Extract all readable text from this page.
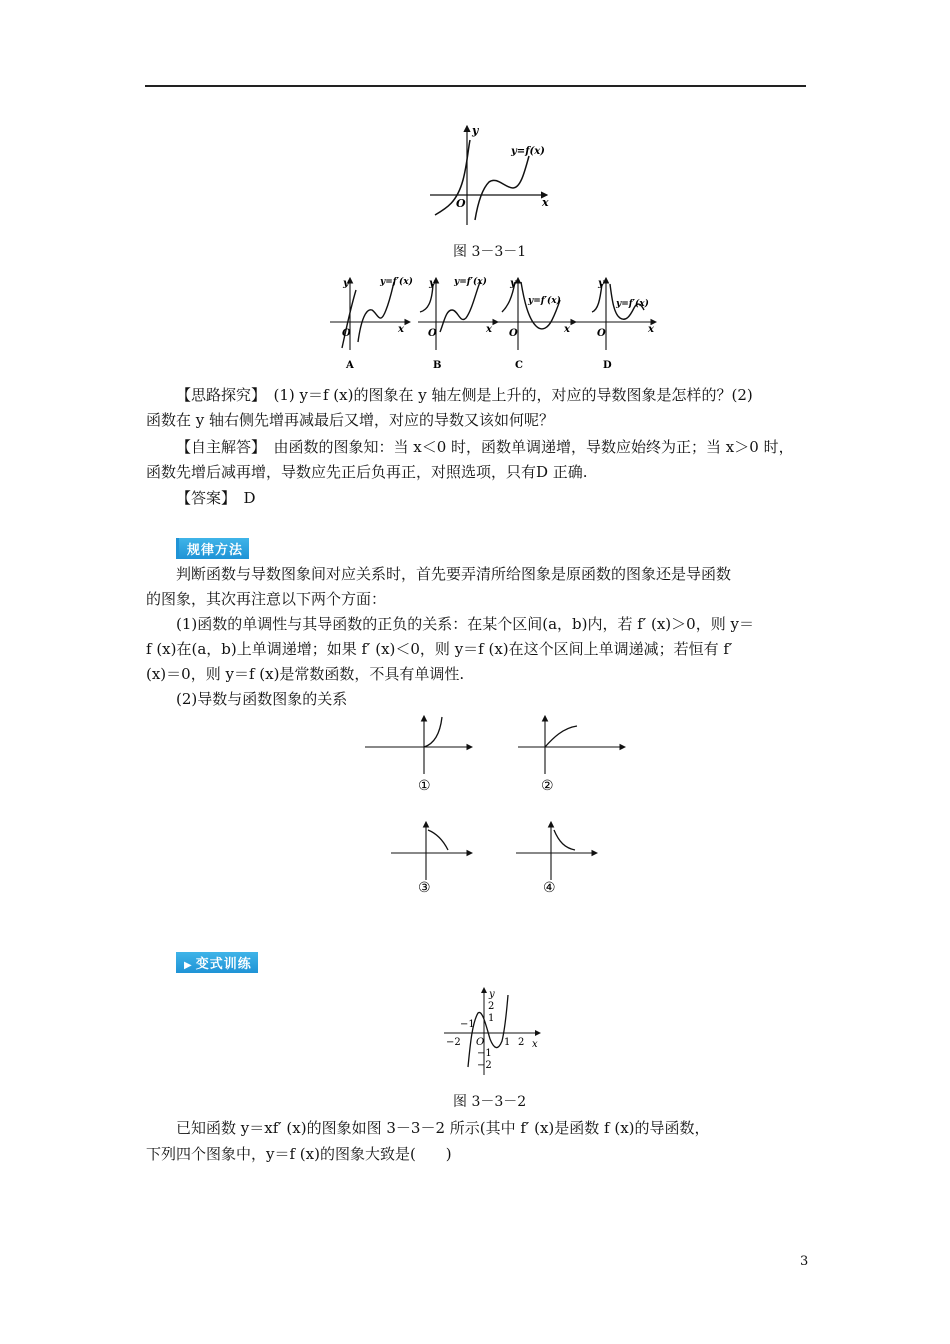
y
x
O
y=f(x)
图 3－3－1
y
x
O
y=f′(x)
A
y
x
O
y=f′(x)
B
y
x
O
y=f′(x)
C
y
x
O
y=f′(x)
D
【思路探究】　(1) y＝f (x)的图象在 y 轴左侧是上升的，对应的导数图象是怎样的？(2)
函数在 y 轴右侧先增再减最后又增，对应的导数又该如何呢？
【自主解答】　由函数的图象知：当 x＜0 时，函数单调递增，导数应始终为正；当 x＞0 时，
函数先增后减再增，导数应先正后负再正，对照选项，只有D 正确.
【答案】　D
规律方法
判断函数与导数图象间对应关系时，首先要弄清所给图象是原函数的图象还是导函数
的图象，其次再注意以下两个方面：
(1)函数的单调性与其导函数的正负的关系：在某个区间(a，b)内，若 f′ (x)＞0，则 y＝
f (x)在(a，b)上单调递增；如果 f′ (x)＜0，则 y＝f (x)在这个区间上单调递减；若恒有 f′
(x)＝0，则 y＝f (x)是常数函数，不具有单调性.
(2)导数与函数图象的关系
①	②
③	④
▶ 变式训练
y
x
O
2
1
−1
−2
−2
−1
1 2
图 3－3－2
已知函数 y＝xf′ (x)的图象如图 3－3－2 所示(其中 f′ (x)是函数 f (x)的导函数，
下列四个图象中，y＝f (x)的图象大致是(　　)
3
